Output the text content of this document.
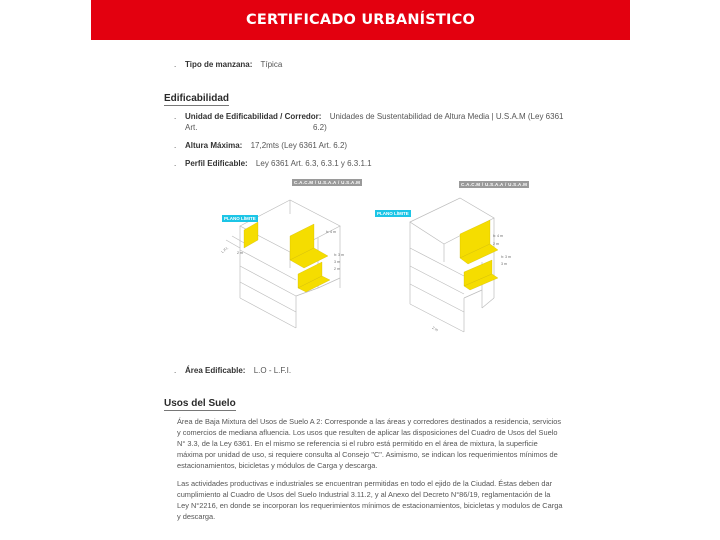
CERTIFICADO URBANÍSTICO
. Tipo de manzana: Típica
Edificabilidad
. Unidad de Edificabilidad / Corredor: Unidades de Sustentabilidad de Altura Media | U.S.A.M (Ley 6361 Art.	6.2)
. Altura Máxima: 17,2mts (Ley 6361 Art. 6.2)
. Perfil Edificable: Ley 6361 Art. 6.3, 6.3.1 y 6.3.1.1
C.A.C.M / U.S.A.A / U.S.A.M
PLANO LÍMITE
h: 4 m
h: 3 m
3 m
2 m
L.F.I. 2 m
C.A.C.M / U.S.A.A / U.S.A.M
PLANO LÍMITE
h: 4 m
2 m
h: 3 m
3 m
2 m
. Área Edificable: L.O - L.F.I.
Usos del Suelo
Área de Baja Mixtura del Usos de Suelo A 2: Corresponde a las áreas y corredores destinados a residencia, servicios
y comercios de mediana afluencia. Los usos que resulten de aplicar las disposiciones del Cuadro de Usos del Suelo
N° 3.3, de la Ley 6361. En el mismo se referencia si el rubro está permitido en el área de mixtura, la superficie
máxima por unidad de uso, si requiere consulta al Consejo "C". Asimismo, se indican los requerimientos mínimos de
estacionamientos, bicicletas y módulos de Carga y descarga.
Las actividades productivas e industriales se encuentran permitidas en todo el ejido de la Ciudad. Éstas deben dar
cumplimiento al Cuadro de Usos del Suelo Industrial 3.11.2, y al Anexo del Decreto N°86/19, reglamentación de la
Ley N°2216, en donde se incorporan los requerimientos mínimos de estacionamientos, bicicletas y modulos de Carga
y descarga.
